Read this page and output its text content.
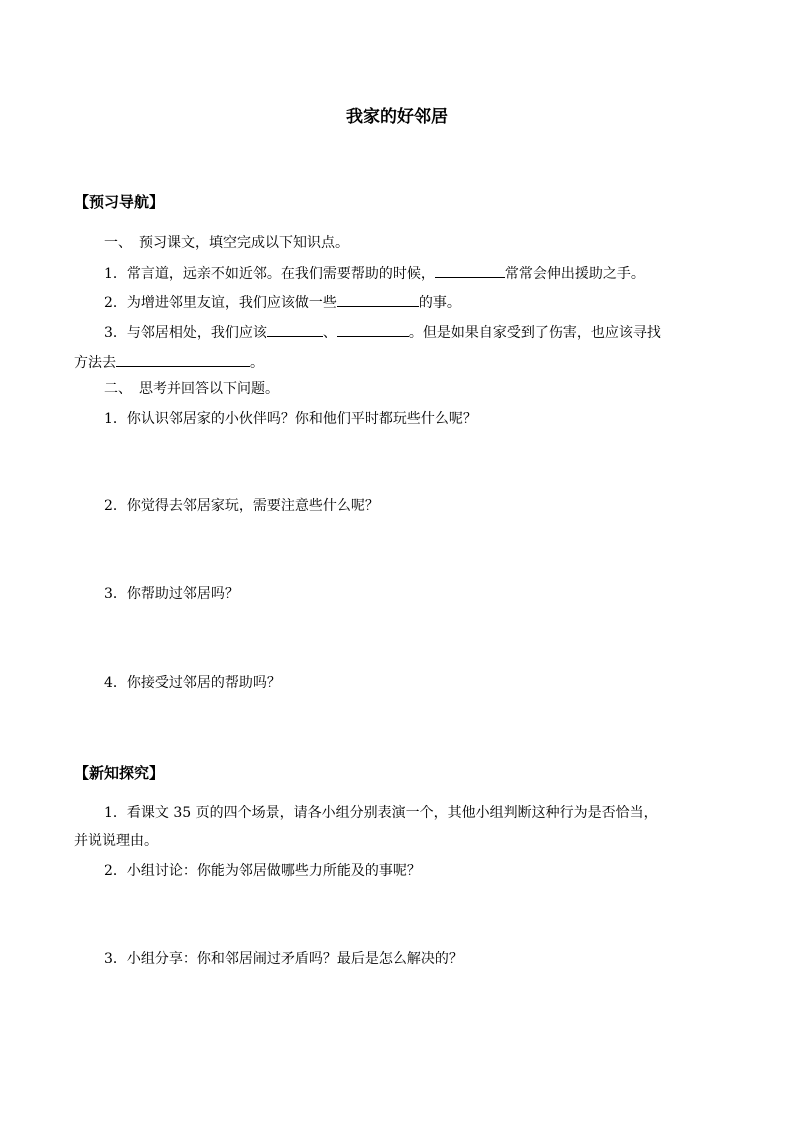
我家的好邻居
【预习导航】
一、　预习课文，填空完成以下知识点。
1．常言道，远亲不如近邻。在我们需要帮助的时候，	常常会伸出援助之手。
2．为增进邻里友谊，我们应该做一些	的事。
3．与邻居相处，我们应该	、	。但是如果自家受到了伤害，也应该寻找
方法去	。
二、　思考并回答以下问题。
1．你认识邻居家的小伙伴吗？你和他们平时都玩些什么呢？
2．你觉得去邻居家玩，需要注意些什么呢？
3．你帮助过邻居吗？
4．你接受过邻居的帮助吗？
【新知探究】
1．看课文 35 页的四个场景，请各小组分别表演一个，其他小组判断这种行为是否恰当，
并说说理由。
2．小组讨论：你能为邻居做哪些力所能及的事呢？
3．小组分享：你和邻居闹过矛盾吗？最后是怎么解决的？
